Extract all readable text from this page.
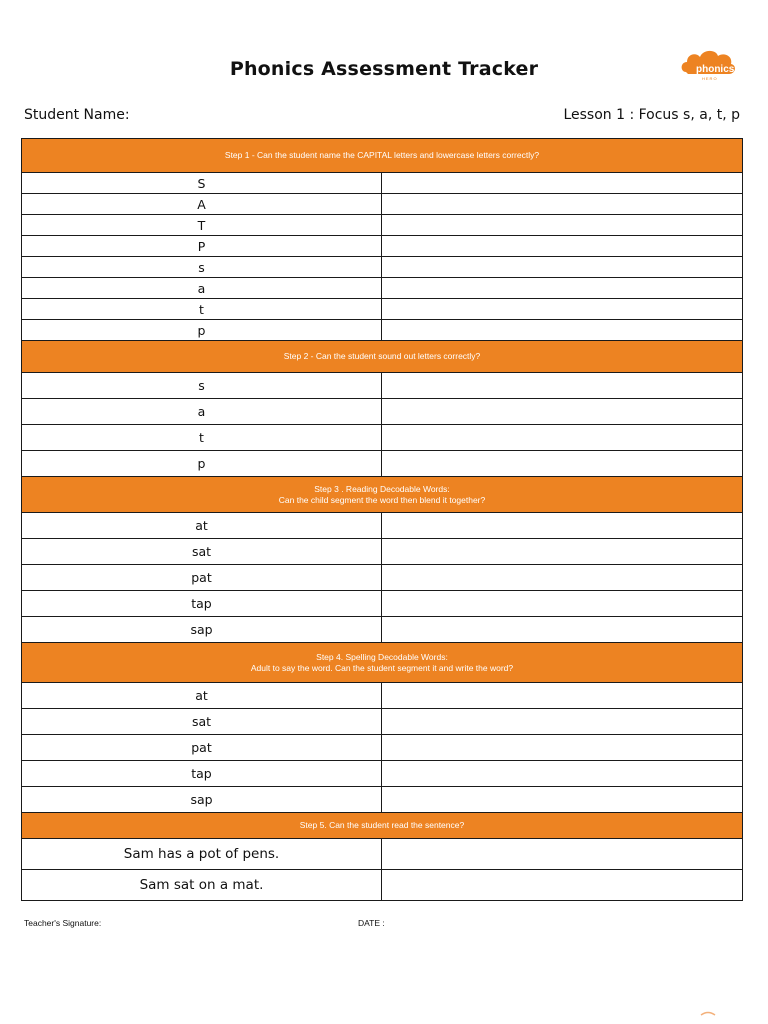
Phonics Assessment Tracker	phonics
HERO
Student Name:	Lesson 1 : Focus s, a, t, p
Step 1 - Can the student name the CAPITAL letters and lowercase letters correctly?	
S	
A	
T	
P	
s	
a	
t	
p	
Step 2 - Can the student sound out letters correctly?	
s	
a	
t	
p	

Step 3 . Reading Decodable Words:
Can the child segment the word then blend it together?	

at	
sat	
pat	
tap	
sap	

Step 4. Spelling Decodable Words:
Adult to say the word. Can the student segment it and write the word?	

at	
sat	
pat	
tap	
sap	
Step 5. Can the student read the sentence?	
Sam has a pot of pens.	
Sam sat on a mat.	
Teacher's Signature:	DATE :
